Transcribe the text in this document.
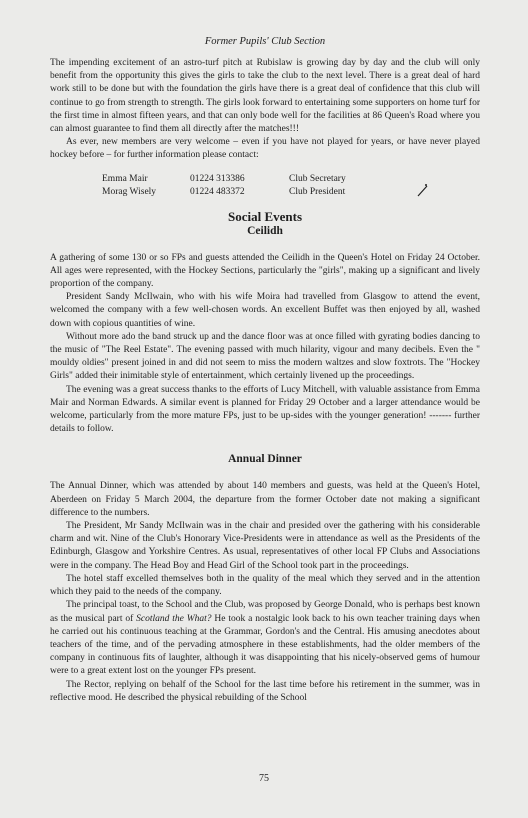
Former Pupils' Club Section

The impending excitement of an astro-turf pitch at Rubislaw is growing day by day and the club will only benefit from the opportunity this gives the girls to take the club to the next level. There is a great deal of hard work still to be done but with the foundation the girls have there is a great deal of confidence that this club will continue to go from strength to strength. The girls look forward to entertaining some supporters on home turf for the first time in almost fifteen years, and that can only bode well for the facilities at 86 Queen's Road where you can almost guarantee to find them all directly after the matches!!!

As ever, new members are very welcome – even if you have not played for years, or have never played hockey before – for further information please contact:

Emma Mair	01224 313386	Club Secretary
Morag Wisely	01224 483372	Club President
Social Events
Ceilidh

A gathering of some 130 or so FPs and guests attended the Ceilidh in the Queen's Hotel on Friday 24 October. All ages were represented, with the Hockey Sections, particularly the "girls", making up a significant and lively proportion of the company.

President Sandy McIlwain, who with his wife Moira had travelled from Glasgow to attend the event, welcomed the company with a few well-chosen words. An excellent Buffet was then enjoyed by all, washed down with copious quantities of wine.

Without more ado the band struck up and the dance floor was at once filled with gyrating bodies dancing to the music of "The Reel Estate". The evening passed with much hilarity, vigour and many decibels. Even the " mouldy oldies" present joined in and did not seem to miss the modern waltzes and slow foxtrots. The "Hockey Girls" added their inimitable style of entertainment, which certainly livened up the proceedings.

The evening was a great success thanks to the efforts of Lucy Mitchell, with valuable assistance from Emma Mair and Norman Edwards. A similar event is planned for Friday 29 October and a larger attendance would be welcome, particularly from the more mature FPs, just to be up-sides with the younger generation! ------- further details to follow.

Annual Dinner

The Annual Dinner, which was attended by about 140 members and guests, was held at the Queen's Hotel, Aberdeen on Friday 5 March 2004, the departure from the former October date not making a significant difference to the numbers.

The President, Mr Sandy McIlwain was in the chair and presided over the gathering with his considerable charm and wit. Nine of the Club's Honorary Vice-Presidents were in attendance as well as the Presidents of the Edinburgh, Glasgow and Yorkshire Centres. As usual, representatives of other local FP Clubs and Associations were in the company. The Head Boy and Head Girl of the School took part in the proceedings.

The hotel staff excelled themselves both in the quality of the meal which they served and in the attention which they paid to the needs of the company.

The principal toast, to the School and the Club, was proposed by George Donald, who is perhaps best known as the musical part of Scotland the What? He took a nostalgic look back to his own teacher training days when he carried out his continuous teaching at the Grammar, Gordon's and the Central. His amusing anecdotes about teachers of the time, and of the pervading atmosphere in these establishments, had the older members of the company in continuous fits of laughter, although it was disappointing that his nicely-observed gems of humour were to a great extent lost on the younger FPs present.

The Rector, replying on behalf of the School for the last time before his retirement in the summer, was in reflective mood. He described the physical rebuilding of the School

75
